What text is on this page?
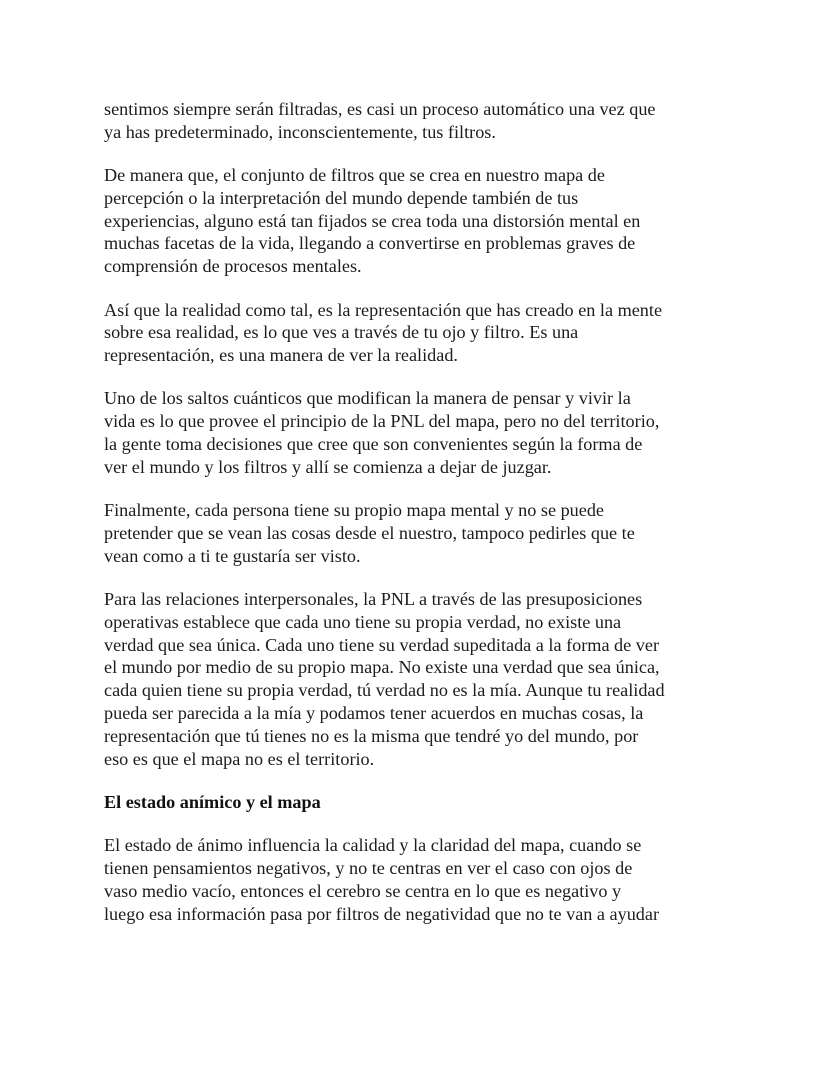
sentimos siempre serán filtradas, es casi un proceso automático una vez que
ya has predeterminado, inconscientemente, tus filtros.

De manera que, el conjunto de filtros que se crea en nuestro mapa de
percepción o la interpretación del mundo depende también de tus
experiencias, alguno está tan fijados se crea toda una distorsión mental en
muchas facetas de la vida, llegando a convertirse en problemas graves de
comprensión de procesos mentales.

Así que la realidad como tal, es la representación que has creado en la mente
sobre esa realidad, es lo que ves a través de tu ojo y filtro. Es una
representación, es una manera de ver la realidad.

Uno de los saltos cuánticos que modifican la manera de pensar y vivir la
vida es lo que provee el principio de la PNL del mapa, pero no del territorio,
la gente toma decisiones que cree que son convenientes según la forma de
ver el mundo y los filtros y allí se comienza a dejar de juzgar.

Finalmente, cada persona tiene su propio mapa mental y no se puede
pretender que se vean las cosas desde el nuestro, tampoco pedirles que te
vean como a ti te gustaría ser visto.

Para las relaciones interpersonales, la PNL a través de las presuposiciones
operativas establece que cada uno tiene su propia verdad, no existe una
verdad que sea única. Cada uno tiene su verdad supeditada a la forma de ver
el mundo por medio de su propio mapa. No existe una verdad que sea única,
cada quien tiene su propia verdad, tú verdad no es la mía. Aunque tu realidad
pueda ser parecida a la mía y podamos tener acuerdos en muchas cosas, la
representación que tú tienes no es la misma que tendré yo del mundo, por
eso es que el mapa no es el territorio.

El estado anímico y el mapa

El estado de ánimo influencia la calidad y la claridad del mapa, cuando se
tienen pensamientos negativos, y no te centras en ver el caso con ojos de
vaso medio vacío, entonces el cerebro se centra en lo que es negativo y
luego esa información pasa por filtros de negatividad que no te van a ayudar
